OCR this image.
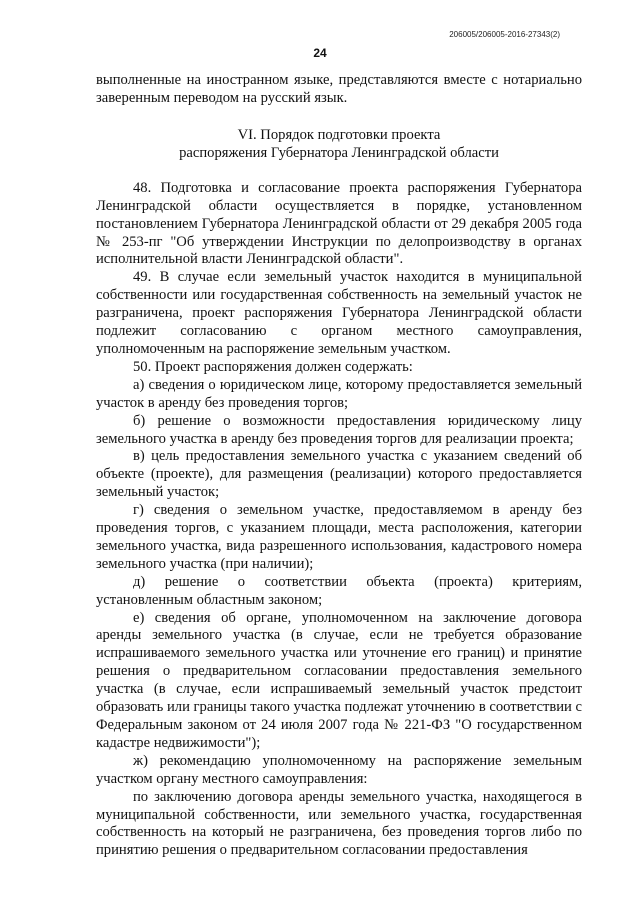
206005/206005-2016-27343(2)
24

выполненные на иностранном языке, представляются вместе с нотариально заверенным переводом на русский язык.

VI. Порядок подготовки проекта
распоряжения Губернатора Ленинградской области

48. Подготовка и согласование проекта распоряжения Губернатора Ленинградской области осуществляется в порядке, установленном постановлением Губернатора Ленинградской области от 29 декабря 2005 года № 253-пг "Об утверждении Инструкции по делопроизводству в органах исполнительной власти Ленинградской области".

49. В случае если земельный участок находится в муниципальной собственности или государственная собственность на земельный участок не разграничена, проект распоряжения Губернатора Ленинградской области подлежит согласованию с органом местного самоуправления, уполномоченным на распоряжение земельным участком.

50. Проект распоряжения должен содержать:

а) сведения о юридическом лице, которому предоставляется земельный участок в аренду без проведения торгов;

б) решение о возможности предоставления юридическому лицу земельного участка в аренду без проведения торгов для реализации проекта;

в) цель предоставления земельного участка с указанием сведений об объекте (проекте), для размещения (реализации) которого предоставляется земельный участок;

г) сведения о земельном участке, предоставляемом в аренду без проведения торгов, с указанием площади, места расположения, категории земельного участка, вида разрешенного использования, кадастрового номера земельного участка (при наличии);

д) решение о соответствии объекта (проекта) критериям, установленным областным законом;

е) сведения об органе, уполномоченном на заключение договора аренды земельного участка (в случае, если не требуется образование испрашиваемого земельного участка или уточнение его границ) и принятие решения о предварительном согласовании предоставления земельного участка (в случае, если испрашиваемый земельный участок предстоит образовать или границы такого участка подлежат уточнению в соответствии с Федеральным законом от 24 июля 2007 года № 221-ФЗ "О государственном кадастре недвижимости");

ж) рекомендацию уполномоченному на распоряжение земельным участком органу местного самоуправления:

по заключению договора аренды земельного участка, находящегося в муниципальной собственности, или земельного участка, государственная собственность на который не разграничена, без проведения торгов либо по принятию решения о предварительном согласовании предоставления
